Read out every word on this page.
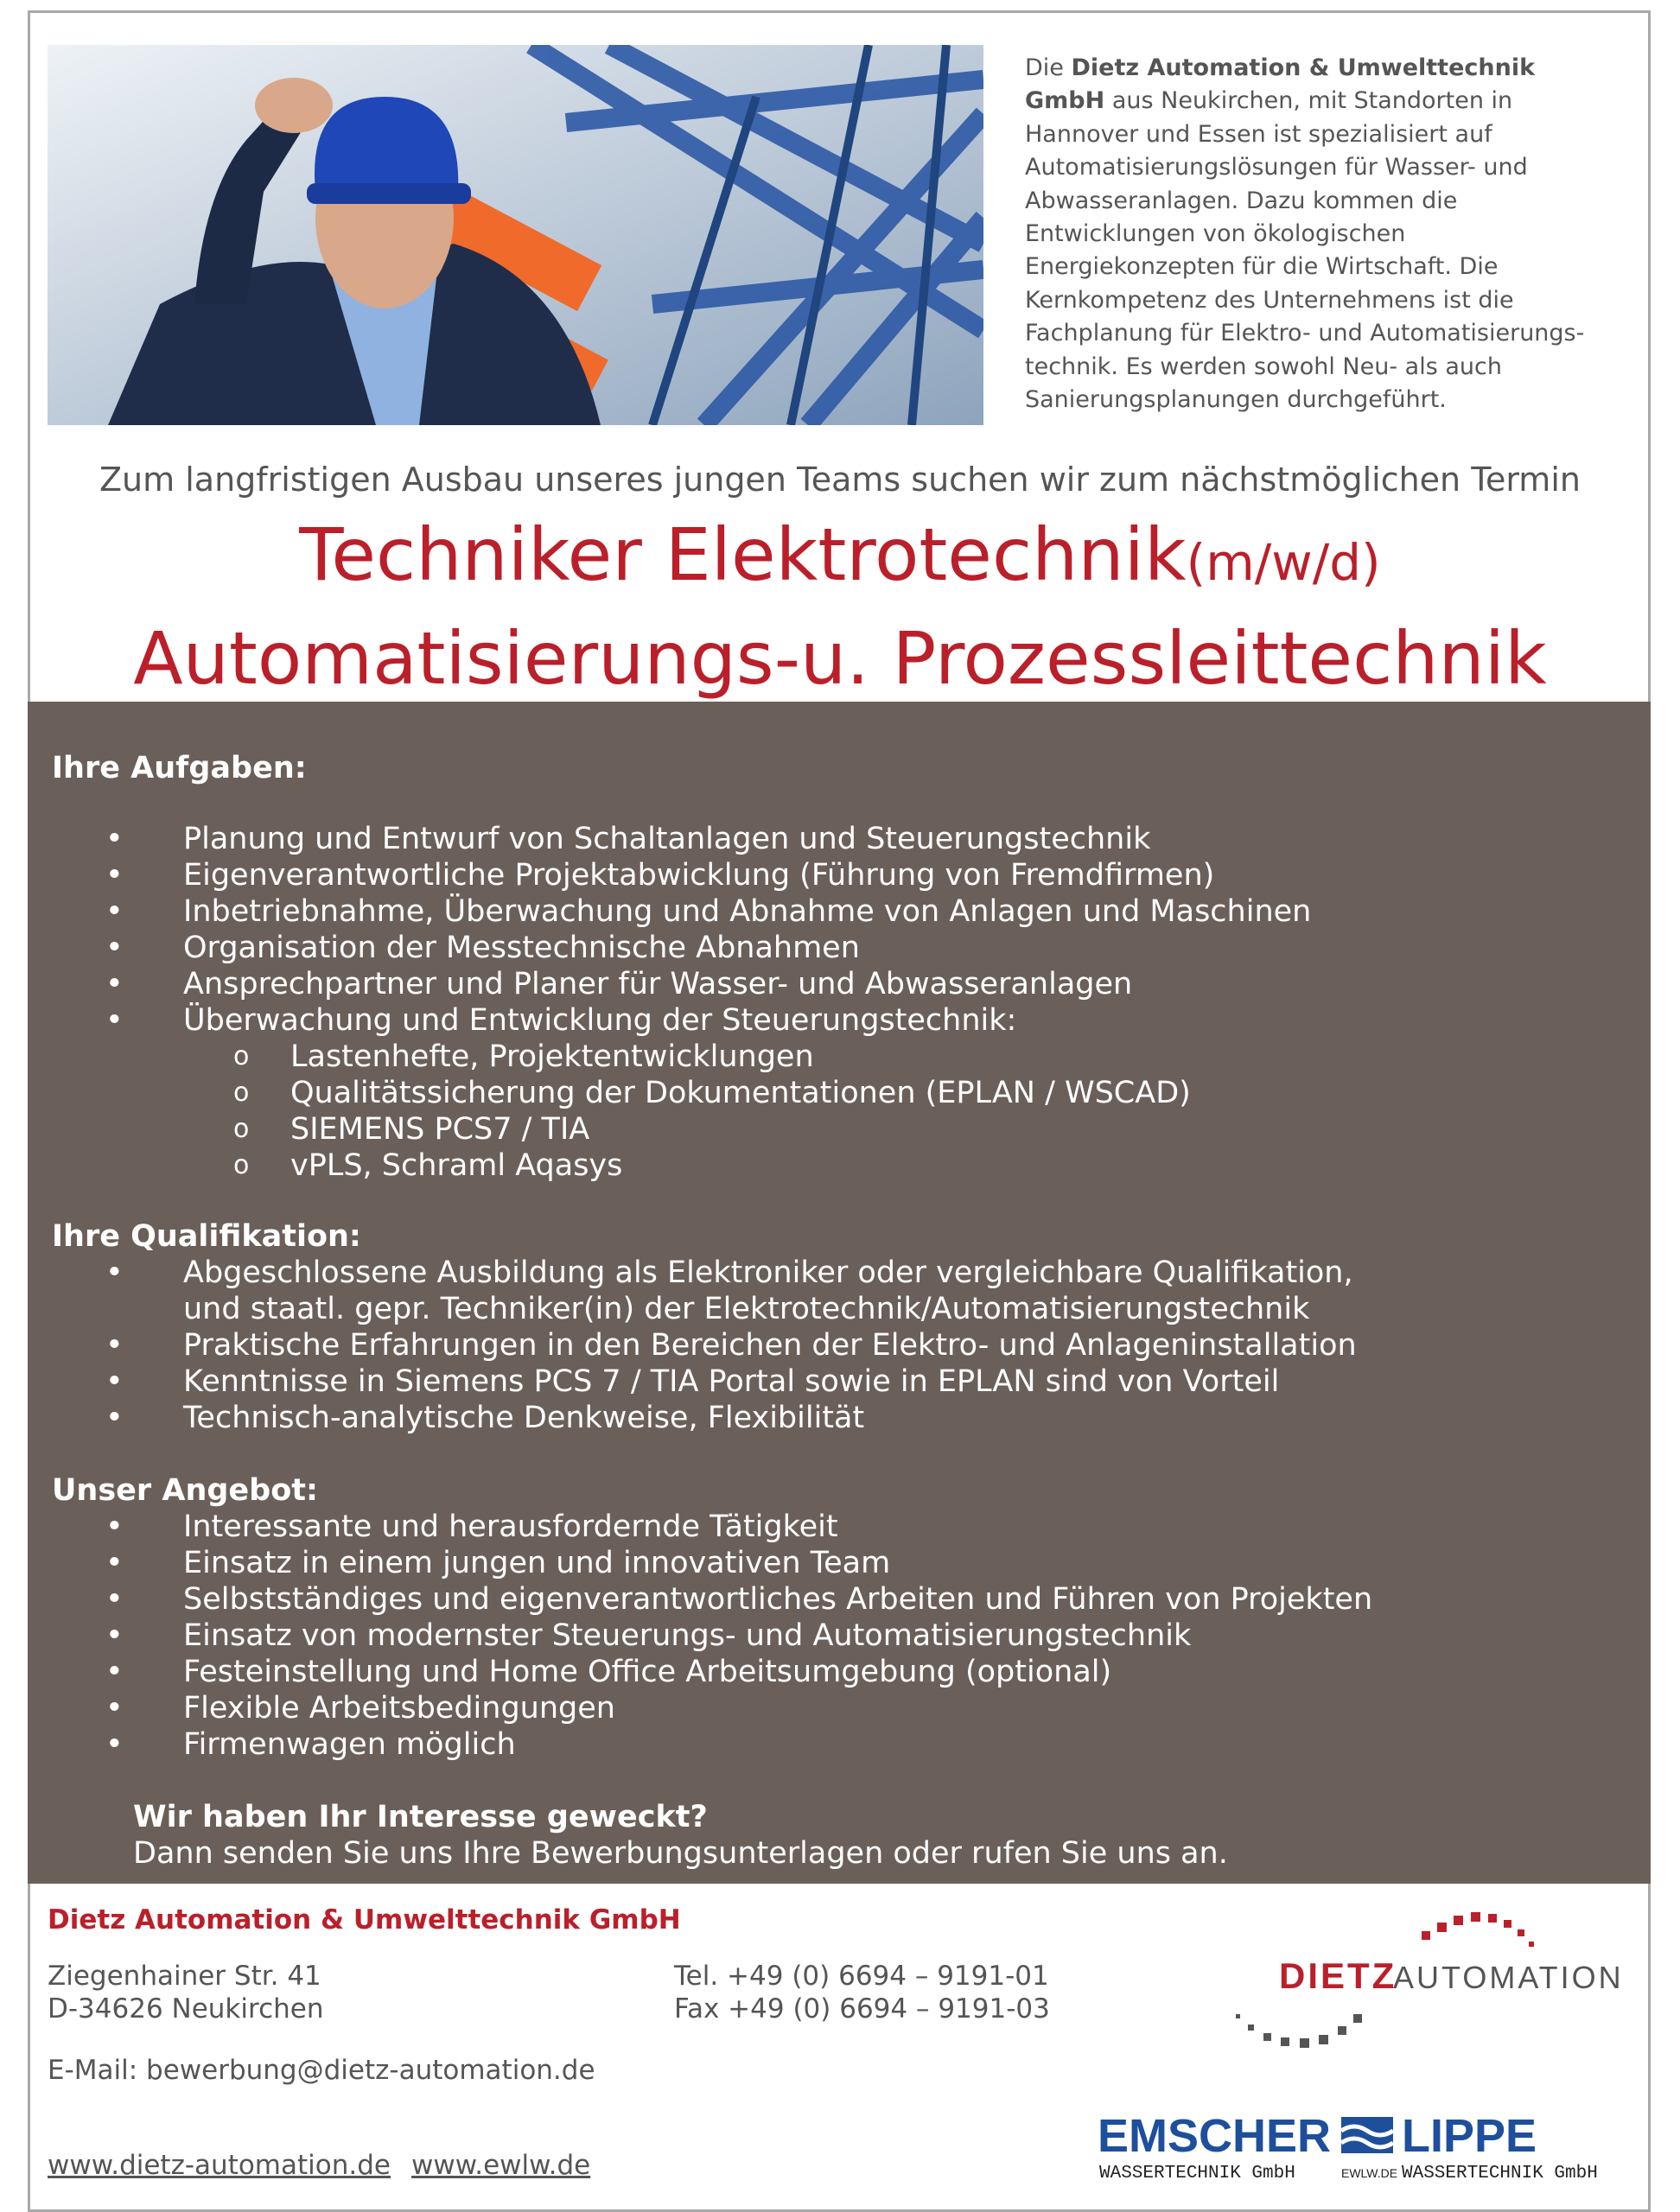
Die Dietz Automation & Umwelttechnik GmbH aus Neukirchen, mit Standorten in Hannover und Essen ist spezialisiert auf Automatisierungslösungen für Wasser- und Abwasseranlagen. Dazu kommen die Entwicklungen von ökologischen Energiekonzepten für die Wirtschaft. Die Kernkompetenz des Unternehmens ist die Fachplanung für Elektro- und Automatisierungs-technik. Es werden sowohl Neu- als auch Sanierungsplanungen durchgeführt.
Zum langfristigen Ausbau unseres jungen Teams suchen wir zum nächstmöglichen Termin
Techniker Elektrotechnik(m/w/d)
Automatisierungs-u. Prozessleittechnik
Ihre Aufgaben:
• Planung und Entwurf von Schaltanlagen und Steuerungstechnik
• Eigenverantwortliche Projektabwicklung (Führung von Fremdfirmen)
• Inbetriebnahme, Überwachung und Abnahme von Anlagen und Maschinen
• Organisation der Messtechnische Abnahmen
• Ansprechpartner und Planer für Wasser- und Abwasseranlagen
• Überwachung und Entwicklung der Steuerungstechnik:
o Lastenhefte, Projektentwicklungen
o Qualitätssicherung der Dokumentationen (EPLAN / WSCAD)
o SIEMENS PCS7 / TIA
o vPLS, Schraml Aqasys
Ihre Qualifikation:
• Abgeschlossene Ausbildung als Elektroniker oder vergleichbare Qualifikation,
und staatl. gepr. Techniker(in) der Elektrotechnik/Automatisierungstechnik
• Praktische Erfahrungen in den Bereichen der Elektro- und Anlageninstallation
• Kenntnisse in Siemens PCS 7 / TIA Portal sowie in EPLAN sind von Vorteil
• Technisch-analytische Denkweise, Flexibilität
Unser Angebot:
• Interessante und herausfordernde Tätigkeit
• Einsatz in einem jungen und innovativen Team
• Selbstständiges und eigenverantwortliches Arbeiten und Führen von Projekten
• Einsatz von modernster Steuerungs- und Automatisierungstechnik
• Festeinstellung und Home Office Arbeitsumgebung (optional)
• Flexible Arbeitsbedingungen
• Firmenwagen möglich
Wir haben Ihr Interesse geweckt?
Dann senden Sie uns Ihre Bewerbungsunterlagen oder rufen Sie uns an.
Dietz Automation & Umwelttechnik GmbH
Ziegenhainer Str. 41
D-34626 Neukirchen
Tel. +49 (0) 6694 – 9191-01
Fax +49 (0) 6694 – 9191-03
E-Mail: bewerbung@dietz-automation.de
www.dietz-automation.de www.ewlw.de
DIETZ
AUTOMATION
EMSCHER LIPPE
WASSERTECHNIK GmbH	EWLW.DE WASSERTECHNIK GmbH
